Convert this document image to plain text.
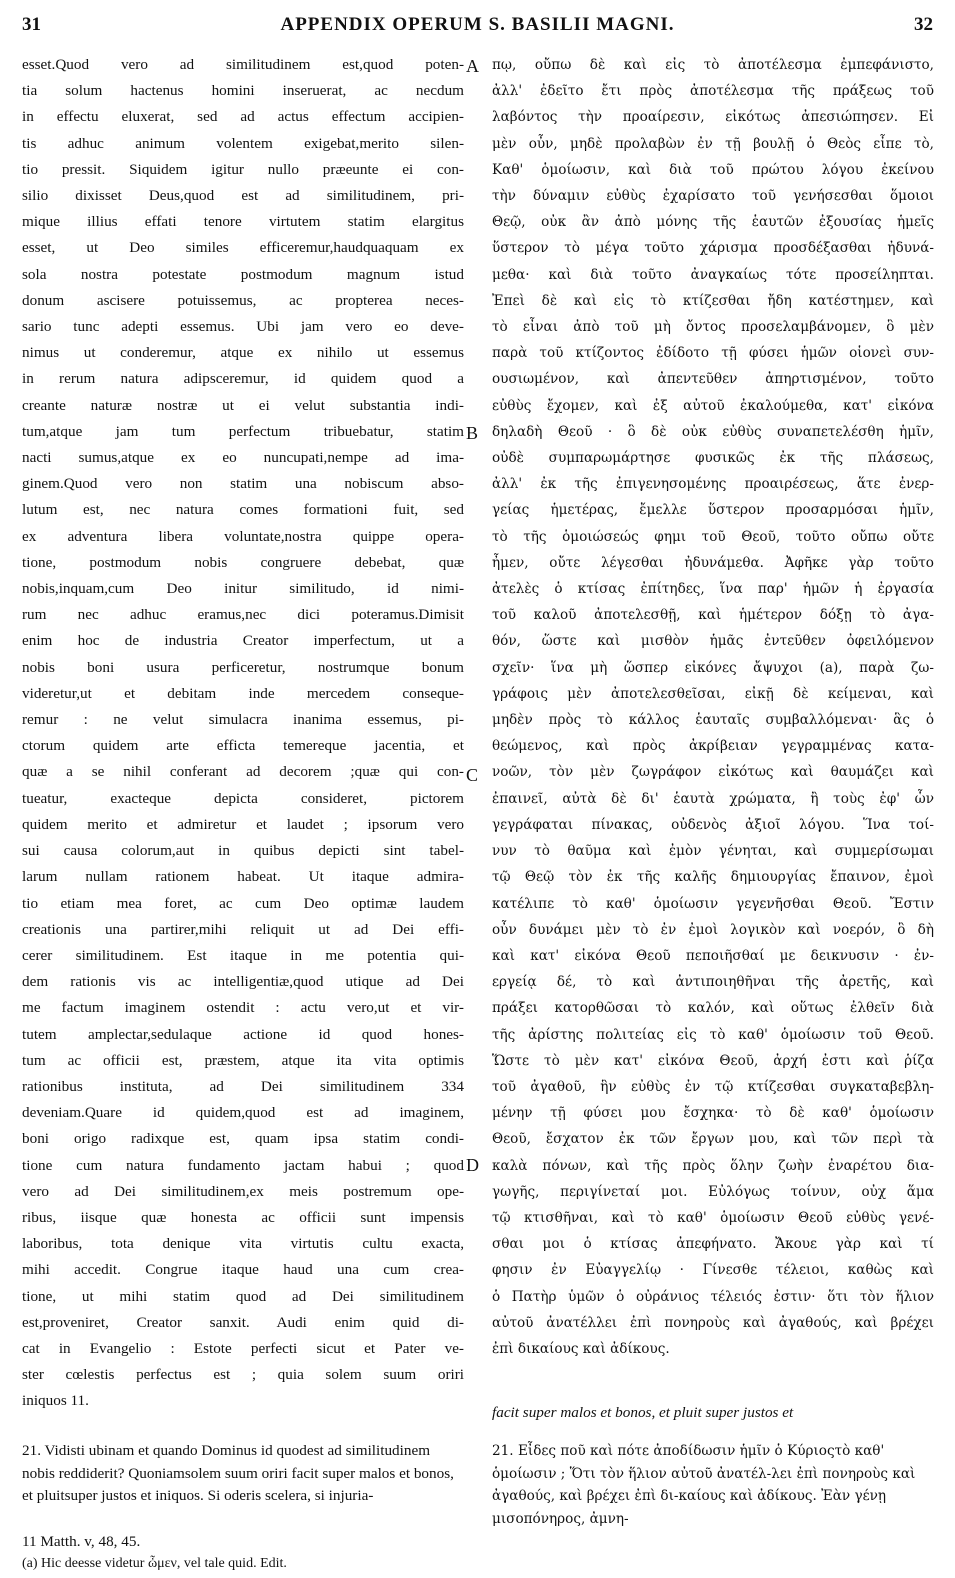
31	APPENDIX OPERUM S. BASILII MAGNI.	32
esset.Quod vero ad similitudinem est,quod poten-
tia solum hactenus homini inseruerat, ac necdum
in effectu eluxerat, sed ad actus effectum accipien-
tis adhuc animum volentem exigebat,merito silen-
tio pressit. Siquidem igitur nullo præeunte ei con-
silio dixisset Deus,quod est ad similitudinem, pri-
mique illius effati tenore virtutem statim elargitus
esset, ut Deo similes efficeremur,haudquaquam ex
sola nostra potestate postmodum magnum istud
donum ascisere potuissemus, ac propterea neces-
sario tunc adepti essemus. Ubi jam vero eo deve-
nimus ut conderemur, atque ex nihilo ut essemus
in rerum natura adipsceremur, id quidem quod a
creante naturæ nostræ ut ei velut substantia indi-
tum,atque jam tum perfectum tribuebatur, statim
nacti sumus,atque ex eo nuncupati,nempe ad ima-
ginem.Quod vero non statim una nobiscum abso-
lutum est, nec natura comes formationi fuit, sed
ex adventura libera voluntate,nostra quippe opera-
tione, postmodum nobis congruere debebat, quæ
nobis,inquam,cum Deo initur similitudo, id nimi-
rum nec adhuc eramus,nec dici poteramus.Dimisit
enim hoc de industria Creator imperfectum, ut a
nobis boni usura perficeretur, nostrumque bonum
videretur,ut et debitam inde mercedem conseque-
remur : ne velut simulacra inanima essemus, pi-
ctorum quidem arte efficta temereque jacentia, et
quæ a se nihil conferant ad decorem ;quæ qui con-
tueatur, exacteque depicta consideret, pictorem
quidem merito et admiretur et laudet ; ipsorum vero
sui causa colorum,aut in quibus depicti sint tabel-
larum nullam rationem habeat. Ut itaque admira-
tio etiam mea foret, ac cum Deo optimæ laudem
creationis una partirer,mihi reliquit ut ad Dei effi-
cerer similitudinem. Est itaque in me potentia qui-
dem rationis vis ac intelligentiæ,quod utique ad Dei
me factum imaginem ostendit : actu vero,ut et vir-
tutem amplectar,sedulaque actione id quod hones-
tum ac officii est, præstem, atque ita vita optimis
rationibus instituta, ad Dei similitudinem 334
deveniam.Quare id quidem,quod est ad imaginem,
boni origo radixque est, quam ipsa statim condi-
tione cum natura fundamento jactam habui ; quod
vero ad Dei similitudinem,ex meis postremum ope-
ribus, iisque quæ honesta ac officii sunt impensis
laboribus, tota denique vita virtutis cultu exacta,
mihi accedit. Congrue itaque haud una cum crea-
tione, ut mihi statim quod ad Dei similitudinem
est,proveniret, Creator sanxit. Audi enim quid di-
cat in Evangelio : Estote perfecti sicut et Pater ve-
ster cœlestis perfectus est ; quia solem suum oriri
iniquos 11.
πῳ, οὔπω δὲ καὶ εἰς τὸ ἀποτέλεσμα ἐμπεφάνιστο,
ἀλλ' ἐδεῖτο ἔτι πρὸς ἀποτέλεσμα τῆς πράξεως τοῦ
λαβόντος τὴν προαίρεσιν, εἰκότως ἀπεσιώπησεν. Εἰ
μὲν οὖν, μηδὲ προλαβὼν ἐν τῇ βουλῇ ὁ Θεὸς εἶπε τὸ,
Καθ' ὁμοίωσιν, καὶ διὰ τοῦ πρώτου λόγου ἐκείνου
τὴν δύναμιν εὐθὺς ἐχαρίσατο τοῦ γενήσεσθαι ὅμοιοι
Θεῷ, οὐκ ἂν ἀπὸ μόνης τῆς ἑαυτῶν ἐξουσίας ἡμεῖς
ὕστερον τὸ μέγα τοῦτο χάρισμα προσδέξασθαι ἠδυνά-
μεθα· καὶ διὰ τοῦτο ἀναγκαίως τότε προσείληπται.
Ἐπεὶ δὲ καὶ εἰς τὸ κτίζεσθαι ἤδη κατέστημεν, καὶ
τὸ εἶναι ἀπὸ τοῦ μὴ ὄντος προσελαμβάνομεν, ὃ μὲν
παρὰ τοῦ κτίζοντος ἐδίδοτο τῇ φύσει ἡμῶν οἱονεὶ συν-
ουσιωμένον, καὶ ἀπεντεῦθεν ἀπηρτισμένον, τοῦτο
εὐθὺς ἔχομεν, καὶ ἐξ αὐτοῦ ἐκαλούμεθα, κατ' εἰκόνα
δηλαδὴ Θεοῦ · ὃ δὲ οὐκ εὐθὺς συναπετελέσθη ἡμῖν,
οὐδὲ συμπαρωμάρτησε φυσικῶς ἐκ τῆς πλάσεως,
ἀλλ' ἐκ τῆς ἐπιγενησομένης προαιρέσεως, ἅτε ἐνερ-
γείας ἡμετέρας, ἔμελλε ὕστερον προσαρμόσαι ἡμῖν,
τὸ τῆς ὁμοιώσεώς φημι τοῦ Θεοῦ, τοῦτο οὔπω οὔτε
ἦμεν, οὔτε λέγεσθαι ἠδυνάμεθα. Ἀφῆκε γὰρ τοῦτο
ἀτελὲς ὁ κτίσας ἐπίτηδες, ἵνα παρ' ἡμῶν ἡ ἐργασία
τοῦ καλοῦ ἀποτελεσθῇ, καὶ ἡμέτερον δόξῃ τὸ ἀγα-
θόν, ὥστε καὶ μισθὸν ἡμᾶς ἐντεῦθεν ὀφειλόμενον
σχεῖν· ἵνα μὴ ὥσπερ εἰκόνες ἄψυχοι (a), παρὰ ζω-
γράφοις μὲν ἀποτελεσθεῖσαι, εἰκῇ δὲ κείμεναι, καὶ
μηδὲν πρὸς τὸ κάλλος ἑαυταῖς συμβαλλόμεναι· ἃς ὁ
θεώμενος, καὶ πρὸς ἀκρίβειαν γεγραμμένας κατα-
νοῶν, τὸν μὲν ζωγράφον εἰκότως καὶ θαυμάζει καὶ
ἐπαινεῖ, αὐτὰ δὲ δι' ἑαυτὰ χρώματα, ἢ τοὺς ἐφ' ὧν
γεγράφαται πίνακας, οὐδενὸς ἀξιοῖ λόγου. Ἵνα τοί-
νυν τὸ θαῦμα καὶ ἐμὸν γένηται, καὶ συμμερίσωμαι
τῷ Θεῷ τὸν ἐκ τῆς καλῆς δημιουργίας ἔπαινον, ἐμοὶ
κατέλιπε τὸ καθ' ὁμοίωσιν γεγενῆσθαι Θεοῦ. Ἔστιν
οὖν δυνάμει μὲν τὸ ἐν ἐμοὶ λογικὸν καὶ νοερόν, ὃ δὴ
καὶ κατ' εἰκόνα Θεοῦ πεποιῆσθαί με δεικνυσιν · ἐν-
εργείᾳ δέ, τὸ καὶ ἀντιποιηθῆναι τῆς ἀρετῆς, καὶ
πράξει κατορθῶσαι τὸ καλόν, καὶ οὕτως ἐλθεῖν διὰ
τῆς ἀρίστης πολιτείας εἰς τὸ καθ' ὁμοίωσιν τοῦ Θεοῦ.
Ὥστε τὸ μὲν κατ' εἰκόνα Θεοῦ, ἀρχή ἐστι καὶ ῥίζα
τοῦ ἀγαθοῦ, ἣν εὐθὺς ἐν τῷ κτίζεσθαι συγκαταβεβλη-
μένην τῇ φύσει μου ἔσχηκα· τὸ δὲ καθ' ὁμοίωσιν
Θεοῦ, ἔσχατον ἐκ τῶν ἔργων μου, καὶ τῶν περὶ τὰ
καλὰ πόνων, καὶ τῆς πρὸς ὅλην ζωὴν ἐναρέτου δια-
γωγῆς, περιγίνεταί μοι. Εὐλόγως τοίνυν, οὐχ ἅμα
τῷ κτισθῆναι, καὶ τὸ καθ' ὁμοίωσιν Θεοῦ εὐθὺς γενέ-
σθαι μοι ὁ κτίσας ἀπεφήνατο. Ἄκουε γὰρ καὶ τί
φησιν ἐν Εὐαγγελίῳ · Γίνεσθε τέλειοι, καθὼς καὶ
ὁ Πατὴρ ὑμῶν ὁ οὐράνιος τέλειός ἐστιν· ὅτι τὸν ἥλιον
αὐτοῦ ἀνατέλλει ἐπὶ πονηροὺς καὶ ἀγαθούς, καὶ βρέχει
ἐπὶ δικαίους καὶ ἀδίκους.
A
B
C
D
facit super malos et bonos, et pluit super justos et
21. Vidisti ubinam et quando Dominus id quodest ad similitudinem nobis reddiderit? Quoniamsolem suum oriri facit super malos et bonos, et pluitsuper justos et iniquos. Si oderis scelera, si injuria-
21. Εἶδες ποῦ καὶ πότε ἀποδίδωσιν ἡμῖν ὁ Κύριοςτὸ καθ' ὁμοίωσιν ; Ὅτι τὸν ἥλιον αὐτοῦ ἀνατέλ-λει ἐπὶ πονηροὺς καὶ ἀγαθούς, καὶ βρέχει ἐπὶ δι-καίους καὶ ἀδίκους. Ἐὰν γένῃ μισοπόνηρος, ἀμνη-
11 Matth. v, 48, 45.
(a) Hic deesse videtur ὦμεν, vel tale quid. Edit.
